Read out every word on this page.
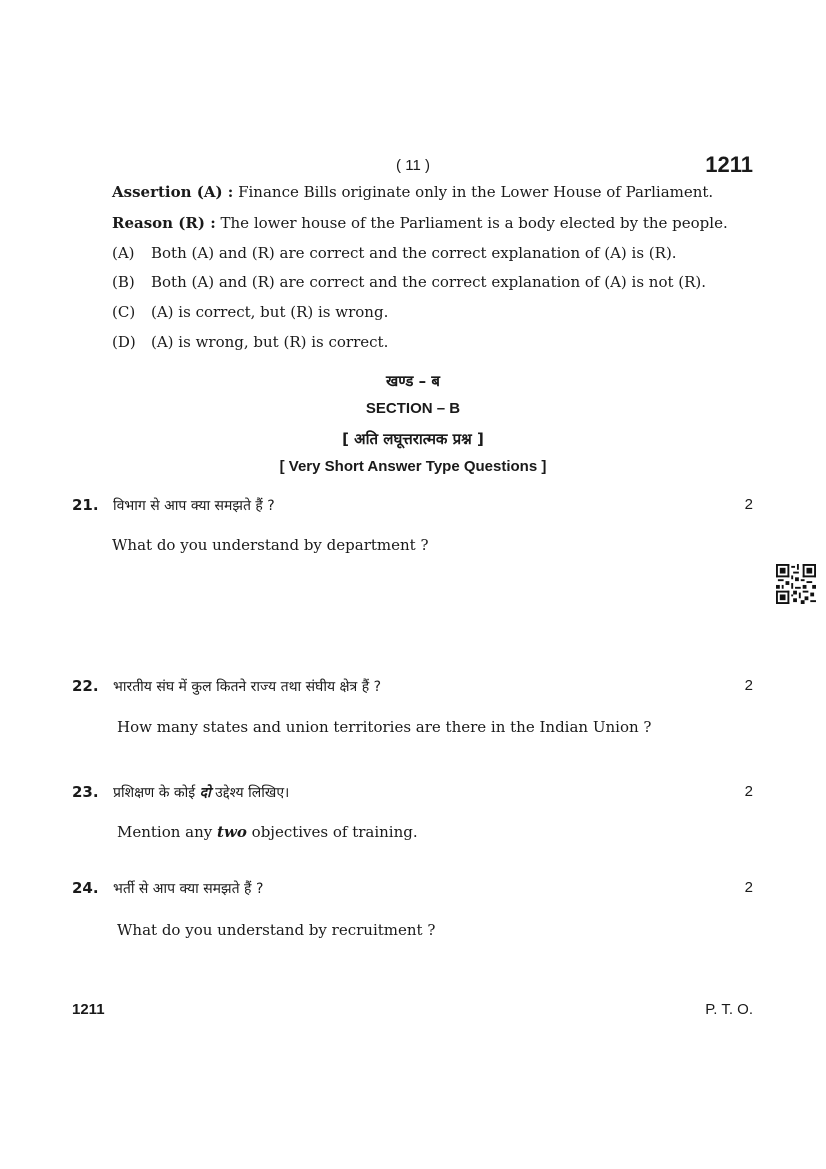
( 11 )	1211
Assertion (A) : Finance Bills originate only in the Lower House of Parliament.
Reason (R) : The lower house of the Parliament is a body elected by the people.
(A) Both (A) and (R) are correct and the correct explanation of (A) is (R).
(B) Both (A) and (R) are correct and the correct explanation of (A) is not (R).
(C) (A) is correct, but (R) is wrong.
(D) (A) is wrong, but (R) is correct.
खण्ड – ब
SECTION – B
[ अति लघूत्तरात्मक प्रश्न ]
[ Very Short Answer Type Questions ]
21. विभाग से आप क्या समझते हैं ?	2
What do you understand by department ?
22. भारतीय संघ में कुल कितने राज्य तथा संघीय क्षेत्र हैं ?	2
How many states and union territories are there in the Indian Union ?
23. प्रशिक्षण के कोई दो उद्देश्य लिखिए।	2
Mention any two objectives of training.
24. भर्ती से आप क्या समझते हैं ?	2
What do you understand by recruitment ?
1211	P. T. O.
